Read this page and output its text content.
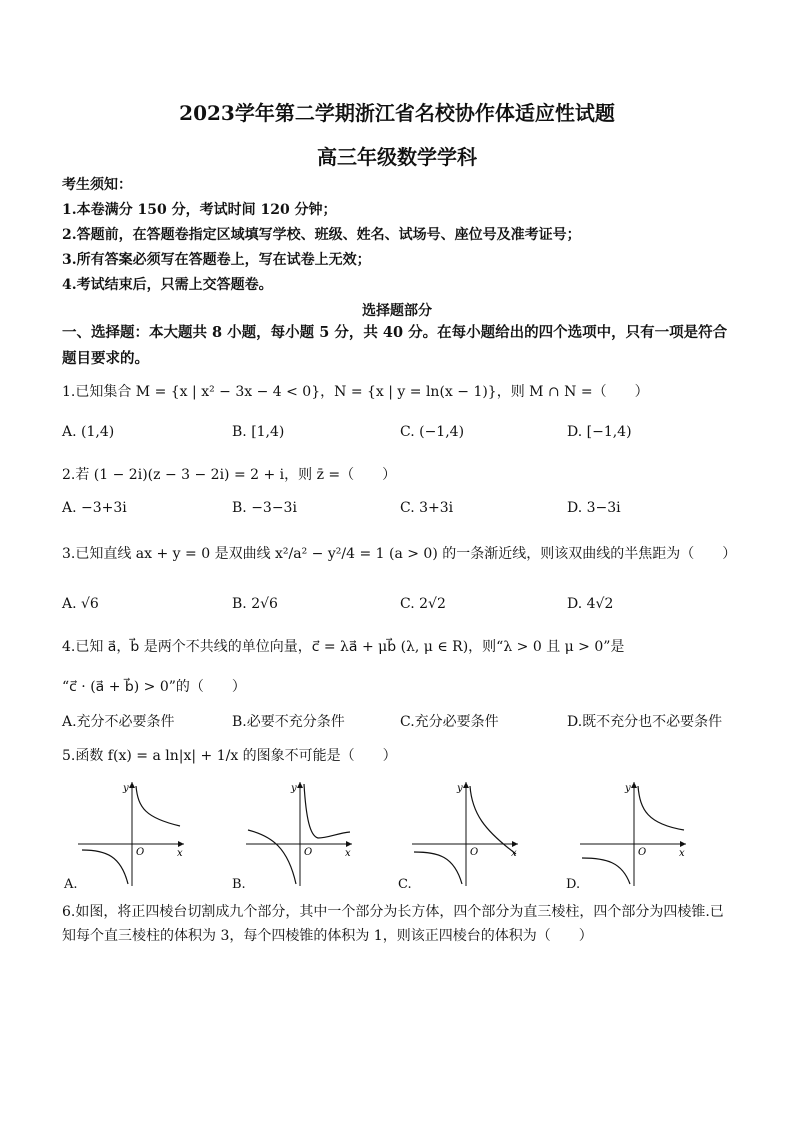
2023学年第二学期浙江省名校协作体适应性试题
高三年级数学学科
考生须知：
1.本卷满分 150 分，考试时间 120 分钟；
2.答题前，在答题卷指定区域填写学校、班级、姓名、试场号、座位号及准考证号；
3.所有答案必须写在答题卷上，写在试卷上无效；
4.考试结束后，只需上交答题卷。
选择题部分
一、选择题：本大题共 8 小题，每小题 5 分，共 40 分。在每小题给出的四个选项中，只有一项是符合题目要求的。
1.已知集合 M = {x | x² − 3x − 4 < 0}，N = {x | y = ln(x − 1)}，则 M ∩ N =（　　）
A. (1,4)	B. [1,4)	C. (−1,4)	D. [−1,4)
2.若 (1 − 2i)(z − 3 − 2i) = 2 + i，则 z̄ =（　　）
A. −3+3i	B. −3−3i	C. 3+3i	D. 3−3i
3.已知直线 ax + y = 0 是双曲线 x²/a² − y²/4 = 1 (a > 0) 的一条渐近线，则该双曲线的半焦距为（　　）
A. √6	B. 2√6	C. 2√2	D. 4√2
4.已知 a⃗，b⃗ 是两个不共线的单位向量，c⃗ = λa⃗ + μb⃗ (λ, μ ∈ R)，则“λ > 0 且 μ > 0”是
“c⃗ · (a⃗ + b⃗) > 0”的（　　）
A.充分不必要条件	B.必要不充分条件	C.充分必要条件	D.既不充分也不必要条件
5.函数 f(x) = a ln|x| + 1/x 的图象不可能是（　　）
y
x
O
A.
y
x
O
B.
y
x
O
C.
y
x
O
D.
6.如图，将正四棱台切割成九个部分，其中一个部分为长方体，四个部分为直三棱柱，四个部分为四棱锥.已知每个直三棱柱的体积为 3，每个四棱锥的体积为 1，则该正四棱台的体积为（　　）
